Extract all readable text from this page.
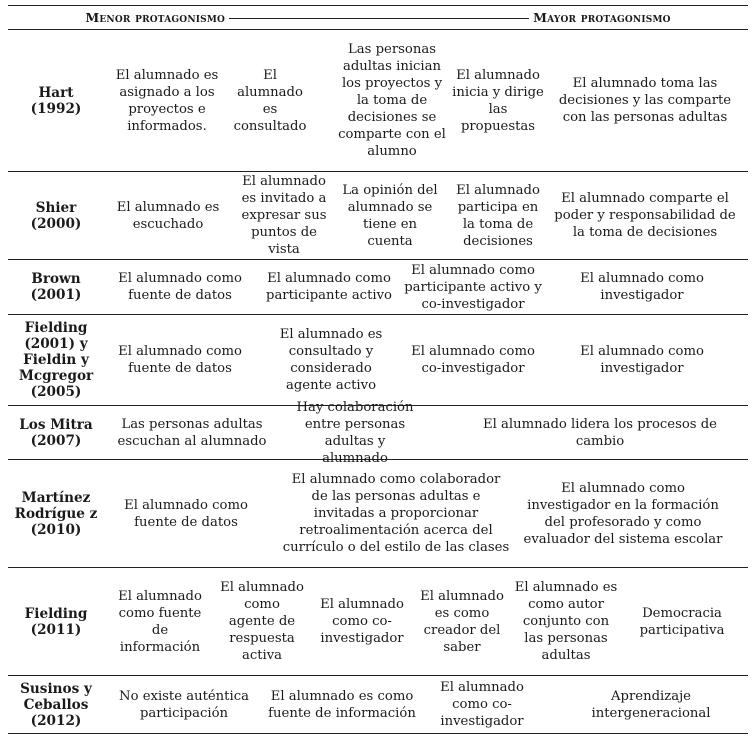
Menor protagonismo	Mayor protagonismo
Hart (1992)
El alumnado es asignado a los proyectos e informados.
El alumnado es consultado
Las personas adultas inician los proyectos y la toma de decisiones se comparte con el alumno
El alumnado inicia y dirige las propuestas
El alumnado toma las decisiones y las comparte con las personas adultas
Shier (2000)
El alumnado es escuchado
El alumnado es invitado a expresar sus puntos de vista
La opinión del alumnado se tiene en cuenta
El alumnado participa en la toma de decisiones
El alumnado comparte el poder y responsabilidad de la toma de decisiones
Brown (2001)
El alumnado como fuente de datos
El alumnado como participante activo
El alumnado como participante activo y co-investigador
El alumnado como investigador
Fielding (2001) y Fieldin y Mcgregor (2005)
El alumnado como fuente de datos
El alumnado es consultado y considerado agente activo
El alumnado como co-investigador
El alumnado como investigador
Los Mitra (2007)
Las personas adultas escuchan al alumnado
Hay colaboración entre personas adultas y alumnado
El alumnado lidera los procesos de cambio
Martínez Rodrígue z (2010)
El alumnado como fuente de datos
El alumnado como colaborador de las personas adultas e invitadas a proporcionar retroalimentación acerca del currículo o del estilo de las clases
El alumnado como investigador en la formación del profesorado y como evaluador del sistema escolar
Fielding (2011)
El alumnado como fuente de información
El alumnado como agente de respuesta activa
El alumnado como co-investigador
El alumnado es como creador del saber
El alumnado es como autor conjunto con las personas adultas
Democracia participativa
Susinos y Ceballos (2012)
No existe auténtica participación
El alumnado es como fuente de información
El alumnado como co-investigador
Aprendizaje intergeneracional
